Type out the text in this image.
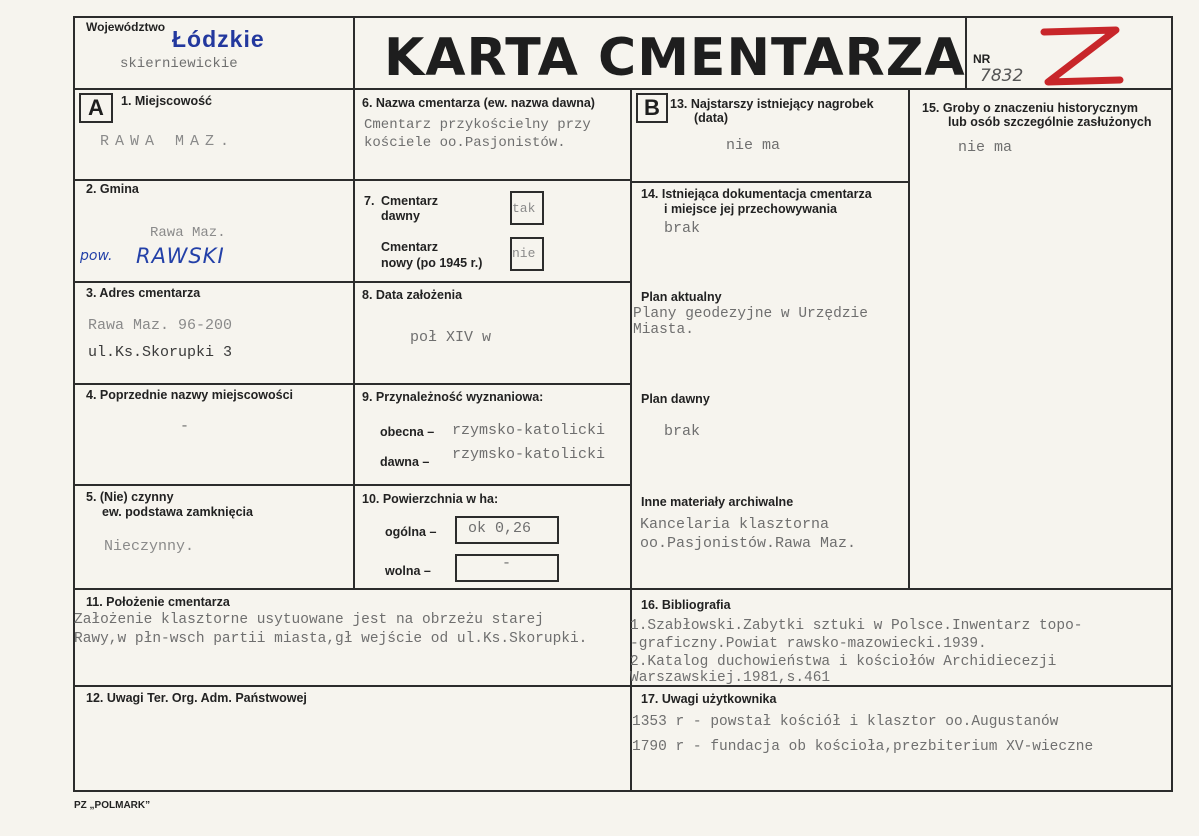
Województwo Łódzkie
skierniewickie	KARTA CMENTARZA NR
7832
A	B
1. Miejscowość
RAWA MAZ.
2. Gmina
Rawa Maz.
pow. RAWSKI
3. Adres cmentarza
Rawa Maz. 96-200
ul.Ks.Skorupki 3
4. Poprzednie nazwy miejscowości
-
5. (Nie) czynny
ew. podstawa zamknięcia
Nieczynny.
6. Nazwa cmentarza (ew. nazwa dawna)
Cmentarz przykościelny przy
kościele oo.Pasjonistów.
7. Cmentarz
dawny	tak
Cmentarz
nowy (po 1945 r.)
nie
8. Data założenia
poł XIV w
9. Przynależność wyznaniowa:
obecna – rzymsko-katolicki
dawna – rzymsko-katolicki
10. Powierzchnia w ha:
ogólna – ok 0,26
wolna –	-
11. Położenie cmentarza
Założenie klasztorne usytuowane jest na obrzeżu starej
Rawy,w płn-wsch partii miasta,gł wejście od ul.Ks.Skorupki.
12. Uwagi Ter. Org. Adm. Państwowej
13. Najstarszy istniejący nagrobek
(data)
nie ma
14. Istniejąca dokumentacja cmentarza
i miejsce jej przechowywania
brak
Plan aktualny
Plany geodezyjne w Urzędzie
Miasta.
Plan dawny
brak
Inne materiały archiwalne
Kancelaria klasztorna
oo.Pasjonistów.Rawa Maz.
15. Groby o znaczeniu historycznym
lub osób szczególnie zasłużonych
nie ma
16. Bibliografia
1.Szabłowski.Zabytki sztuki w Polsce.Inwentarz topo-
-graficzny.Powiat rawsko-mazowiecki.1939.
2.Katalog duchowieństwa i kościołów Archidiecezji
Warszawskiej.1981,s.461
17. Uwagi użytkownika
1353 r - powstał kościół i klasztor oo.Augustanów
1790 r - fundacja ob kościoła,prezbiterium XV-wieczne
PZ „POLMARK”
